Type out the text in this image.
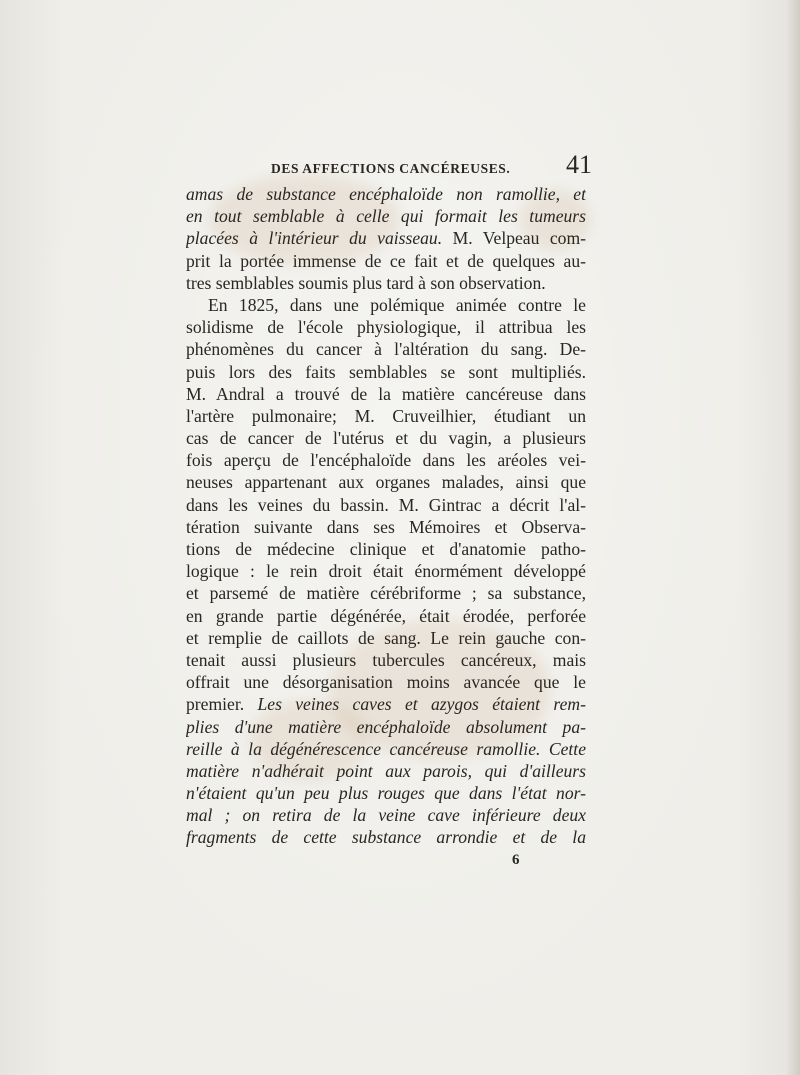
DES AFFECTIONS CANCÉREUSES. 41
amas de substance encéphaloïde non ramollie, et
en tout semblable à celle qui formait les tumeurs
placées à l'intérieur du vaisseau. M. Velpeau com-
prit la portée immense de ce fait et de quelques au-
tres semblables soumis plus tard à son observation.
En 1825, dans une polémique animée contre le
solidisme de l'école physiologique, il attribua les
phénomènes du cancer à l'altération du sang. De-
puis lors des faits semblables se sont multipliés.
M. Andral a trouvé de la matière cancéreuse dans
l'artère pulmonaire; M. Cruveilhier, étudiant un
cas de cancer de l'utérus et du vagin, a plusieurs
fois aperçu de l'encéphaloïde dans les aréoles vei-
neuses appartenant aux organes malades, ainsi que
dans les veines du bassin. M. Gintrac a décrit l'al-
tération suivante dans ses Mémoires et Observa-
tions de médecine clinique et d'anatomie patho-
logique : le rein droit était énormément développé
et parsemé de matière cérébriforme ; sa substance,
en grande partie dégénérée, était érodée, perforée
et remplie de caillots de sang. Le rein gauche con-
tenait aussi plusieurs tubercules cancéreux, mais
offrait une désorganisation moins avancée que le
premier. Les veines caves et azygos étaient rem-
plies d'une matière encéphaloïde absolument pa-
reille à la dégénérescence cancéreuse ramollie. Cette
matière n'adhérait point aux parois, qui d'ailleurs
n'étaient qu'un peu plus rouges que dans l'état nor-
mal ; on retira de la veine cave inférieure deux
fragments de cette substance arrondie et de la
6
